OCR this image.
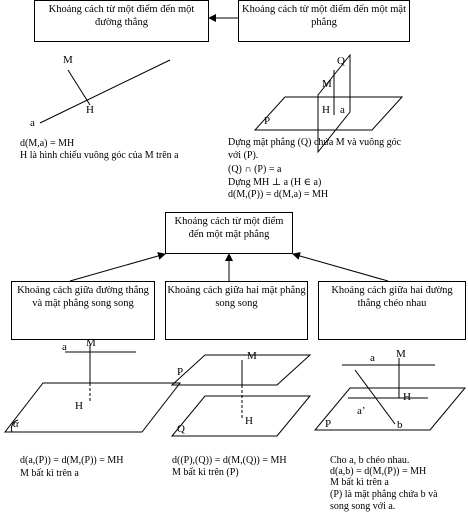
Khoảng cách từ một điểm đến một đường thẳng
Khoảng cách từ một điểm đến một mặt phẳng
M
H
a
d(M,a) = MH
H là hình chiếu vuông góc của M trên a
Q
M
H a
P
Dựng mặt phẳng (Q) chứa M và vuông góc
với (P).
(Q) ∩ (P) = a
Dựng MH ⊥ a (H ∈ a)
d(M,(P)) = d(M,a) = MH
Khoảng cách từ một điểm đến một mặt phẳng
Khoảng cách giữa đường thẳng và mặt phẳng song song
Khoảng cách giữa hai mặt phẳng song song
Khoảng cách giữa hai đường thẳng chéo nhau
a M
H
α
d(a,(P)) = d(M,(P)) = MH
M bất kì trên a
M
P
H
Q
d((P),(Q)) = d(M,(Q)) = MH
M bất kì trên (P)
a M
H
a’
P	b
Cho a, b chéo nhau.
d(a,b) = d(M,(P)) = MH
M bất kì trên a
(P) là mặt phẳng chứa b và
song song với a.
